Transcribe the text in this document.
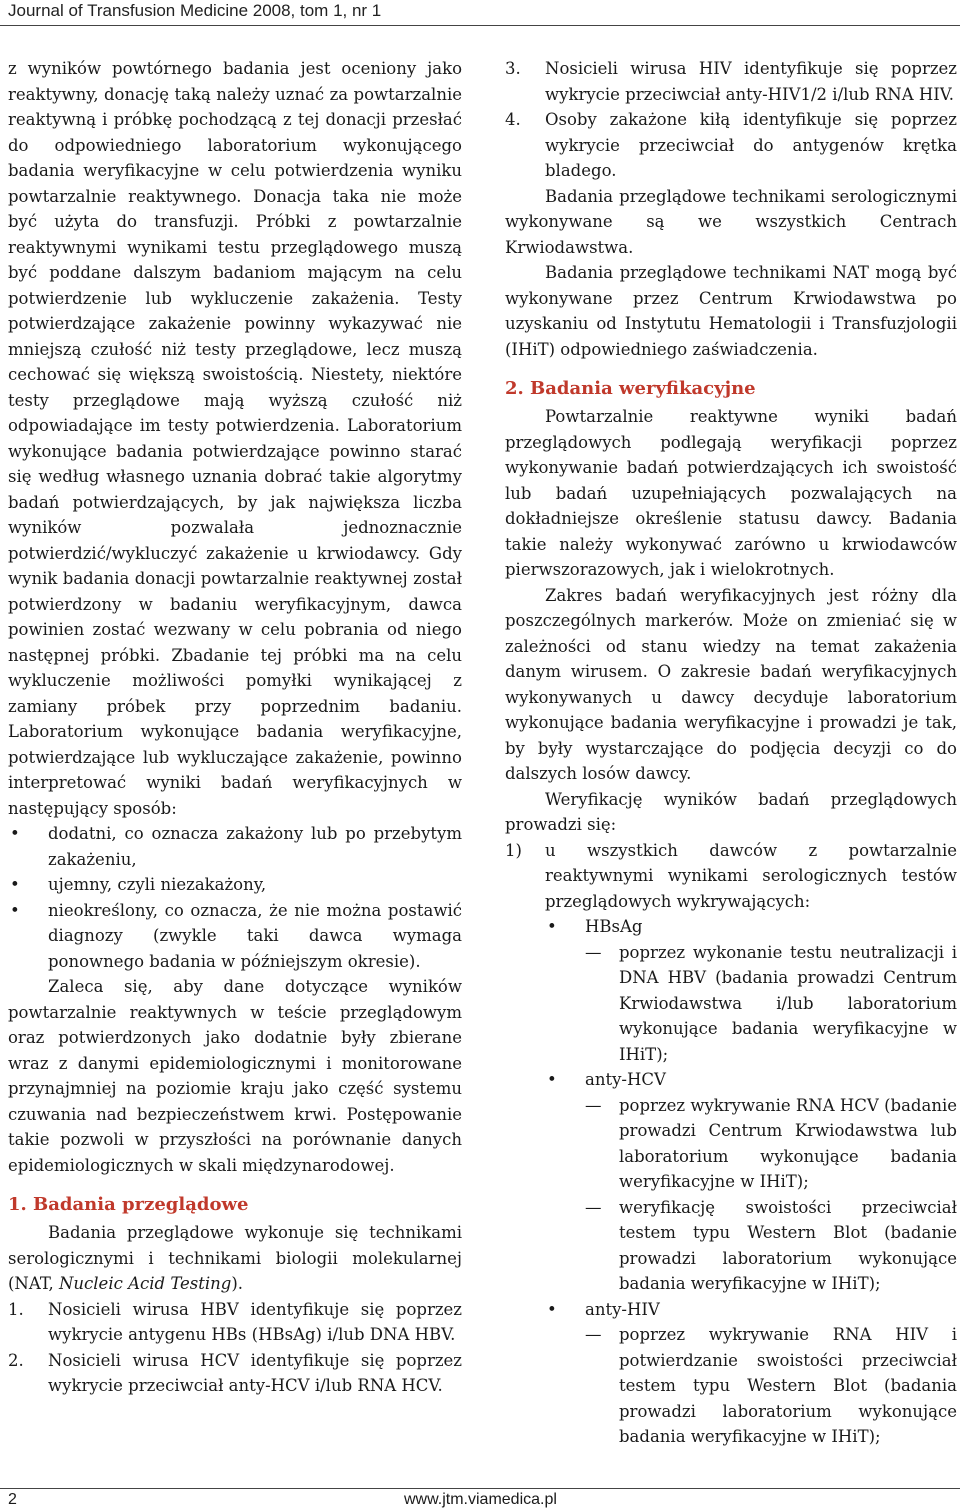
Journal of Transfusion Medicine 2008, tom 1, nr 1

z wyników powtórnego badania jest oceniony jako reaktywny, donację taką należy uznać za powtarzalnie reaktywną i próbkę pochodzącą z tej donacji przesłać do odpowiedniego laboratorium wykonującego badania weryfikacyjne w celu potwierdzenia wyniku powtarzalnie reaktywnego. Donacja taka nie może być użyta do transfuzji. Próbki z powtarzalnie reaktywnymi wynikami testu przeglądowego muszą być poddane dalszym badaniom mającym na celu potwierdzenie lub wykluczenie zakażenia. Testy potwierdzające zakażenie powinny wykazywać nie mniejszą czułość niż testy przeglądowe, lecz muszą cechować się większą swoistością. Niestety, niektóre testy przeglądowe mają wyższą czułość niż odpowiadające im testy potwierdzenia. Laboratorium wykonujące badania potwierdzające powinno starać się według własnego uznania dobrać takie algorytmy badań potwierdzających, by jak największa liczba wyników pozwalała jednoznacznie potwierdzić/wykluczyć zakażenie u krwiodawcy. Gdy wynik badania donacji powtarzalnie reaktywnej został potwierdzony w badaniu weryfikacyjnym, dawca powinien zostać wezwany w celu pobrania od niego następnej próbki. Zbadanie tej próbki ma na celu wykluczenie możliwości pomyłki wynikającej z zamiany próbek przy poprzednim badaniu. Laboratorium wykonujące badania weryfikacyjne, potwierdzające lub wykluczające zakażenie, powinno interpretować wyniki badań weryfikacyjnych w następujący sposób:

• dodatni, co oznacza zakażony lub po przebytym zakażeniu,
• ujemny, czyli niezakażony,
• nieokreślony, co oznacza, że nie można postawić diagnozy (zwykle taki dawca wymaga ponownego badania w późniejszym okresie).

Zaleca się, aby dane dotyczące wyników powtarzalnie reaktywnych w teście przeglądowym oraz potwierdzonych jako dodatnie były zbierane wraz z danymi epidemiologicznymi i monitorowane przynajmniej na poziomie kraju jako część systemu czuwania nad bezpieczeństwem krwi. Postępowanie takie pozwoli w przyszłości na porównanie danych epidemiologicznych w skali międzynarodowej.

1. Badania przeglądowe

Badania przeglądowe wykonuje się technikami serologicznymi i technikami biologii molekularnej (NAT, Nucleic Acid Testing).

1. Nosicieli wirusa HBV identyfikuje się poprzez wykrycie antygenu HBs (HBsAg) i/lub DNA HBV.
2. Nosicieli wirusa HCV identyfikuje się poprzez wykrycie przeciwciał anty-HCV i/lub RNA HCV.
3. Nosicieli wirusa HIV identyfikuje się poprzez wykrycie przeciwciał anty-HIV1/2 i/lub RNA HIV.
4. Osoby zakażone kiłą identyfikuje się poprzez wykrycie przeciwciał do antygenów krętka bladego.

Badania przeglądowe technikami serologicznymi wykonywane są we wszystkich Centrach Krwiodawstwa.

Badania przeglądowe technikami NAT mogą być wykonywane przez Centrum Krwiodawstwa po uzyskaniu od Instytutu Hematologii i Transfuzjologii (IHiT) odpowiedniego zaświadczenia.

2. Badania weryfikacyjne

Powtarzalnie reaktywne wyniki badań przeglądowych podlegają weryfikacji poprzez wykonywanie badań potwierdzających ich swoistość lub badań uzupełniających pozwalających na dokładniejsze określenie statusu dawcy. Badania takie należy wykonywać zarówno u krwiodawców pierwszorazowych, jak i wielokrotnych.

Zakres badań weryfikacyjnych jest różny dla poszczególnych markerów. Może on zmieniać się w zależności od stanu wiedzy na temat zakażenia danym wirusem. O zakresie badań weryfikacyjnych wykonywanych u dawcy decyduje laboratorium wykonujące badania weryfikacyjne i prowadzi je tak, by były wystarczające do podjęcia decyzji co do dalszych losów dawcy.

Weryfikację wyników badań przeglądowych prowadzi się:

1) u wszystkich dawców z powtarzalnie reaktywnymi wynikami serologicznych testów przeglądowych wykrywających:
• HBsAg
— poprzez wykonanie testu neutralizacji i DNA HBV (badania prowadzi Centrum Krwiodawstwa i/lub laboratorium wykonujące badania weryfikacyjne w IHiT);
• anty-HCV
— poprzez wykrywanie RNA HCV (badanie prowadzi Centrum Krwiodawstwa lub laboratorium wykonujące badania weryfikacyjne w IHiT);
— weryfikację swoistości przeciwciał testem typu Western Blot (badanie prowadzi laboratorium wykonujące badania weryfikacyjne w IHiT);
• anty-HIV
— poprzez wykrywanie RNA HIV i potwierdzanie swoistości przeciwciał testem typu Western Blot (badania prowadzi laboratorium wykonujące badania weryfikacyjne w IHiT);
2	www.jtm.viamedica.pl
